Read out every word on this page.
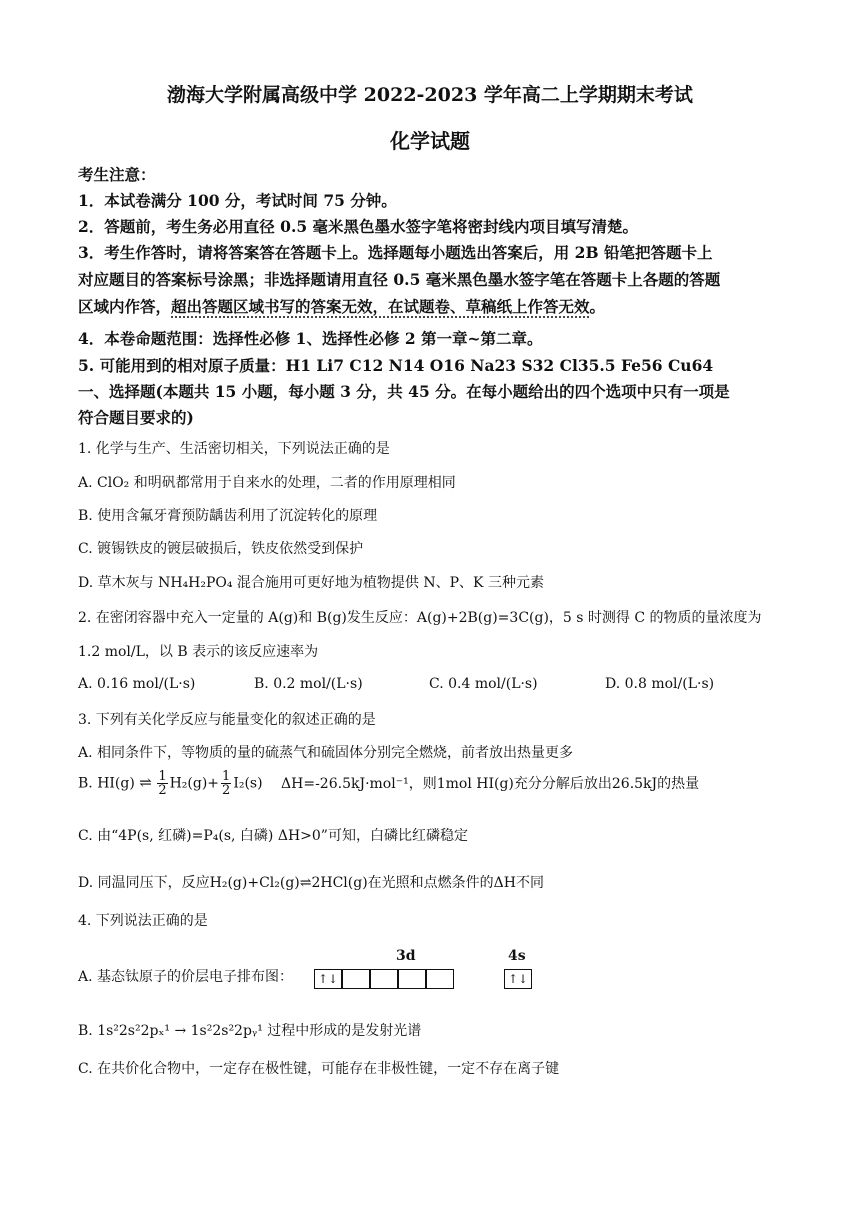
渤海大学附属高级中学 2022-2023 学年高二上学期期末考试
化学试题
考生注意：
1．本试卷满分 100 分，考试时间 75 分钟。
2．答题前，考生务必用直径 0.5 毫米黑色墨水签字笔将密封线内项目填写清楚。
3．考生作答时，请将答案答在答题卡上。选择题每小题选出答案后，用 2B 铅笔把答题卡上
对应题目的答案标号涂黑；非选择题请用直径 0.5 毫米黑色墨水签字笔在答题卡上各题的答题
区域内作答，超出答题区域书写的答案无效，在试题卷、草稿纸上作答无效。
4．本卷命题范围：选择性必修 1、选择性必修 2 第一章~第二章。
5. 可能用到的相对原子质量：H1 Li7 C12 N14 O16 Na23 S32 Cl35.5 Fe56 Cu64
一、选择题(本题共 15 小题，每小题 3 分，共 45 分。在每小题给出的四个选项中只有一项是
符合题目要求的)
1. 化学与生产、生活密切相关，下列说法正确的是
A. ClO₂ 和明矾都常用于自来水的处理，二者的作用原理相同
B. 使用含氟牙膏预防龋齿利用了沉淀转化的原理
C. 镀锡铁皮的镀层破损后，铁皮依然受到保护
D. 草木灰与 NH₄H₂PO₄ 混合施用可更好地为植物提供 N、P、K 三种元素
2. 在密闭容器中充入一定量的 A(g)和 B(g)发生反应：A(g)+2B(g)=3C(g)，5 s 时测得 C 的物质的量浓度为
1.2 mol/L，以 B 表示的该反应速率为
A. 0.16 mol/(L·s)	B. 0.2 mol/(L·s)	C. 0.4 mol/(L·s)	D. 0.8 mol/(L·s)
3. 下列有关化学反应与能量变化的叙述正确的是
A. 相同条件下，等物质的量的硫蒸气和硫固体分别完全燃烧，前者放出热量更多
B. HI(g) ⇌ $\frac{1}{2} H_2(g)+ \frac{1}{2} I_2(s)$ ΔH=-26.5kJ·mol⁻¹，则1mol HI(g)充分分解后放出26.5kJ的热量
C. 由“4P(s, 红磷)=P₄(s, 白磷) ΔH>0”可知，白磷比红磷稳定
D. 同温同压下，反应H₂(g)+Cl₂(g)⇌2HCl(g)在光照和点燃条件的ΔH不同
4. 下列说法正确的是
A. 基态钛原子的价层电子排布图：
3d	4s
↑↓	↑↓
B. 1s²2s²2pₓ¹ → 1s²2s²2pᵧ¹ 过程中形成的是发射光谱
C. 在共价化合物中，一定存在极性键，可能存在非极性键，一定不存在离子键
